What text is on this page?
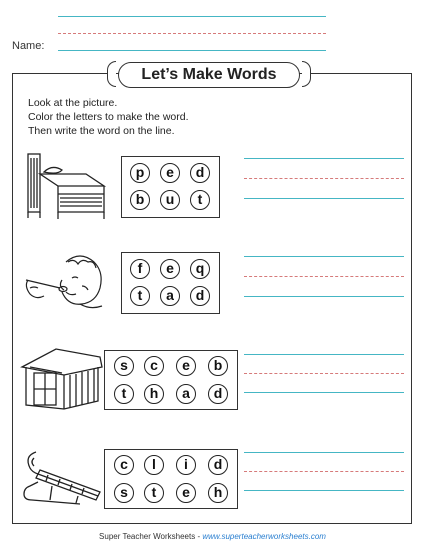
Name:
Let’s Make Words
Look at the picture.
Color the letters to make the word.
Then write the word on the line.
p	e	d
b	u	t
f	e	q
t	a	d
s	c	e	b
t	h	a	d
c	l	i	d
s	t	e	h
Super Teacher Worksheets - www.superteacherworksheets.com
